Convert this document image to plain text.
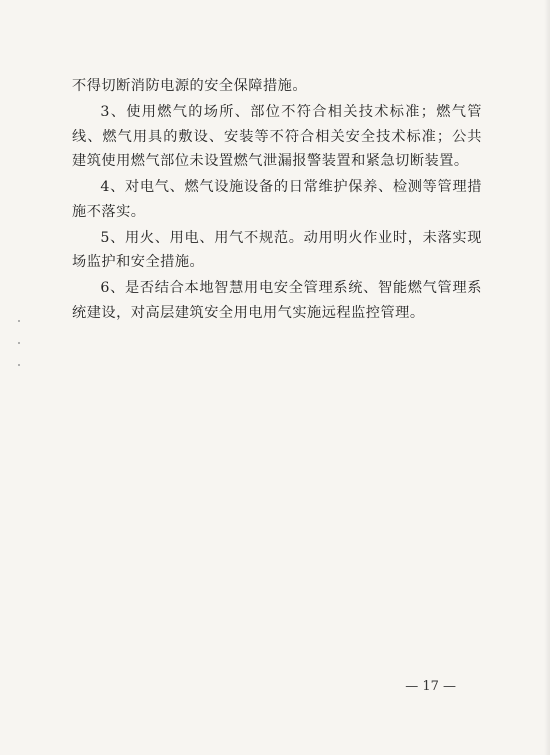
不得切断消防电源的安全保障措施。

3、使用燃气的场所、部位不符合相关技术标准；燃气管线、燃气用具的敷设、安装等不符合相关安全技术标准；公共建筑使用燃气部位未设置燃气泄漏报警装置和紧急切断装置。

4、对电气、燃气设施设备的日常维护保养、检测等管理措施不落实。

5、用火、用电、用气不规范。动用明火作业时，未落实现场监护和安全措施。

6、是否结合本地智慧用电安全管理系统、智能燃气管理系统建设，对高层建筑安全用电用气实施远程监控管理。

— 17 —
